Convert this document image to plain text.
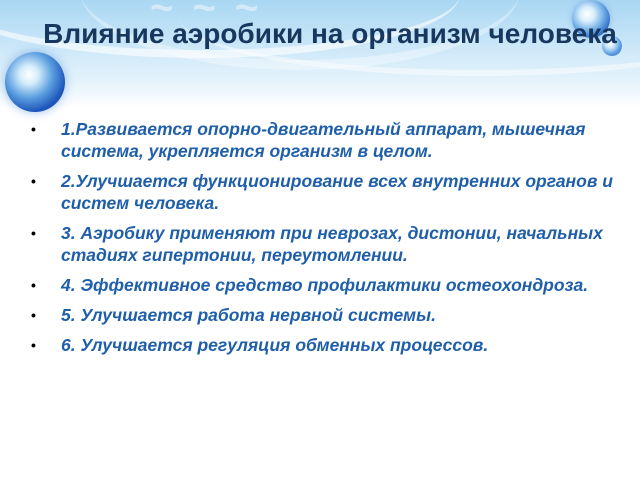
~ ~ ~
Влияние аэробики на организм человека
• 1.Развивается опорно-двигательный аппарат, мышечная система, укрепляется организм в целом.
• 2.Улучшается функционирование всех внутренних органов и систем человека.
• 3. Аэробику применяют при неврозах, дистонии, начальных стадиях гипертонии, переутомлении.
• 4. Эффективное средство профилактики остеохондроза.
• 5. Улучшается работа нервной системы.
• 6. Улучшается регуляция обменных процессов.
